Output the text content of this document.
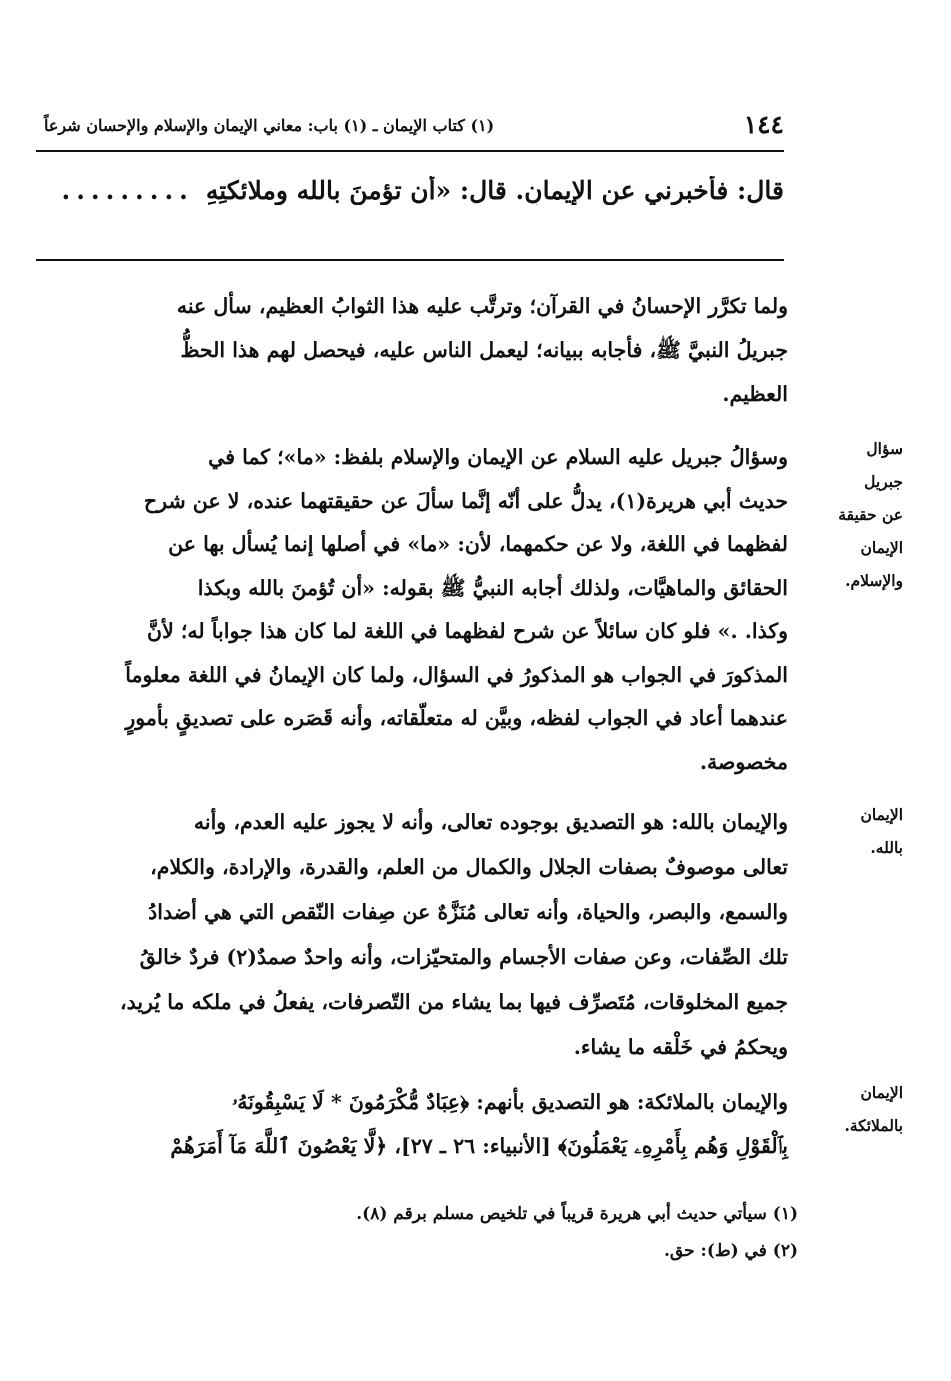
١٤٤
(١) كتاب الإيمان ـ (١) باب: معاني الإيمان والإسلام والإحسان شرعاً
قال: فأخبرني عن الإيمانِ. قال: «أن تؤمنَ بالله وملائكتِهِ.........
ولما تكرَّر الإحسانُ في القرآن؛ وترتَّب عليه هذا الثوابُ العظيم، سأل عنه
جبريلُ النبيَّ ﷺ، فأجابه ببيانه؛ ليعمل الناس عليه، فيحصل لهم هذا الحظُّ
العظيم.
سؤال جبريل
عن حقيقة
الإيمان
والإسلام.
وسؤالُ جبريل عليه السلام عن الإيمان والإسلام بلفظ: «ما»؛ كما في
حديث أبي هريرة(١)، يدلُّ على أنّه إنَّما سألَ عن حقيقتهما عنده، لا عن شرح
لفظهما في اللغة، ولا عن حكمهما، لأن: «ما» في أصلها إنما يُسأل بها عن
الحقائق والماهيَّات، ولذلك أجابه النبيُّ ﷺ بقوله: «أن تُؤمنَ بالله وبكذا
وكذا. .» فلو كان سائلاً عن شرح لفظهما في اللغة لما كان هذا جواباً له؛ لأنَّ
المذكورَ في الجواب هو المذكورُ في السؤال، ولما كان الإيمانُ في اللغة معلوماً
عندهما أعاد في الجواب لفظه، وبيَّن له متعلّقاته، وأنه قَصَره على تصديقٍ بأمورٍ
مخصوصة.
الإيمان بالله.
والإيمان بالله: هو التصديق بوجوده تعالى، وأنه لا يجوز عليه العدم، وأنه
تعالى موصوفٌ بصفات الجلال والكمال من العلم، والقدرة، والإرادة، والكلام،
والسمع، والبصر، والحياة، وأنه تعالى مُنَزَّهٌ عن صِفات النّقص التي هي أضدادُ
تلك الصِّفات، وعن صفات الأجسام والمتحيّزات، وأنه واحدٌ صمدٌ(٢) فردٌ خالقُ
جميع المخلوقات، مُتَصرِّف فيها بما يشاء من التّصرفات، يفعلُ في ملكه ما يُريد،
ويحكمُ في خَلْقه ما يشاء.
الإيمان
بالملائكة.
والإيمان بالملائكة: هو التصديق بأنهم: ﴿عِبَادٌ مُّكْرَمُونَ * لَا يَسْبِقُونَهُۥ
بِٱلْقَوْلِ وَهُم بِأَمْرِهِۦ يَعْمَلُونَ﴾ [الأنبياء: ٢٦ ـ ٢٧]، ﴿لَّا يَعْصُونَ ٱللَّهَ مَآ أَمَرَهُمْ
(١) سيأتي حديث أبي هريرة قريباً في تلخيص مسلم برقم (٨).
(٢) في (ط): حق.
